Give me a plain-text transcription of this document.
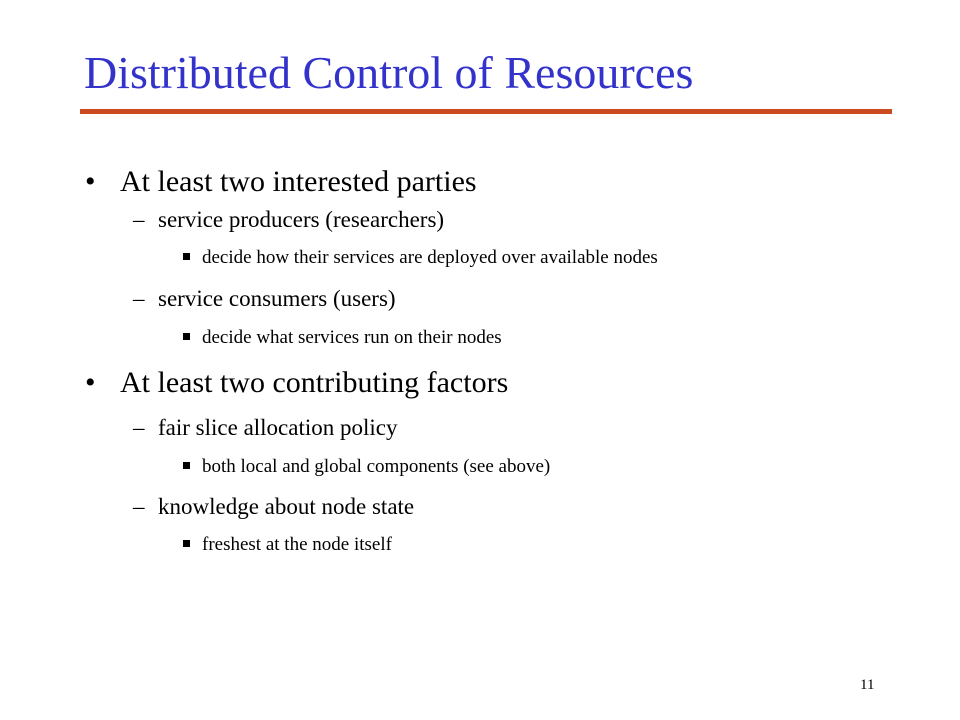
Distributed Control of Resources
• At least two interested parties
– service producers (researchers)
decide how their services are deployed over available nodes
– service consumers (users)
decide what services run on their nodes
• At least two contributing factors
– fair slice allocation policy
both local and global components (see above)
– knowledge about node state
freshest at the node itself
11
